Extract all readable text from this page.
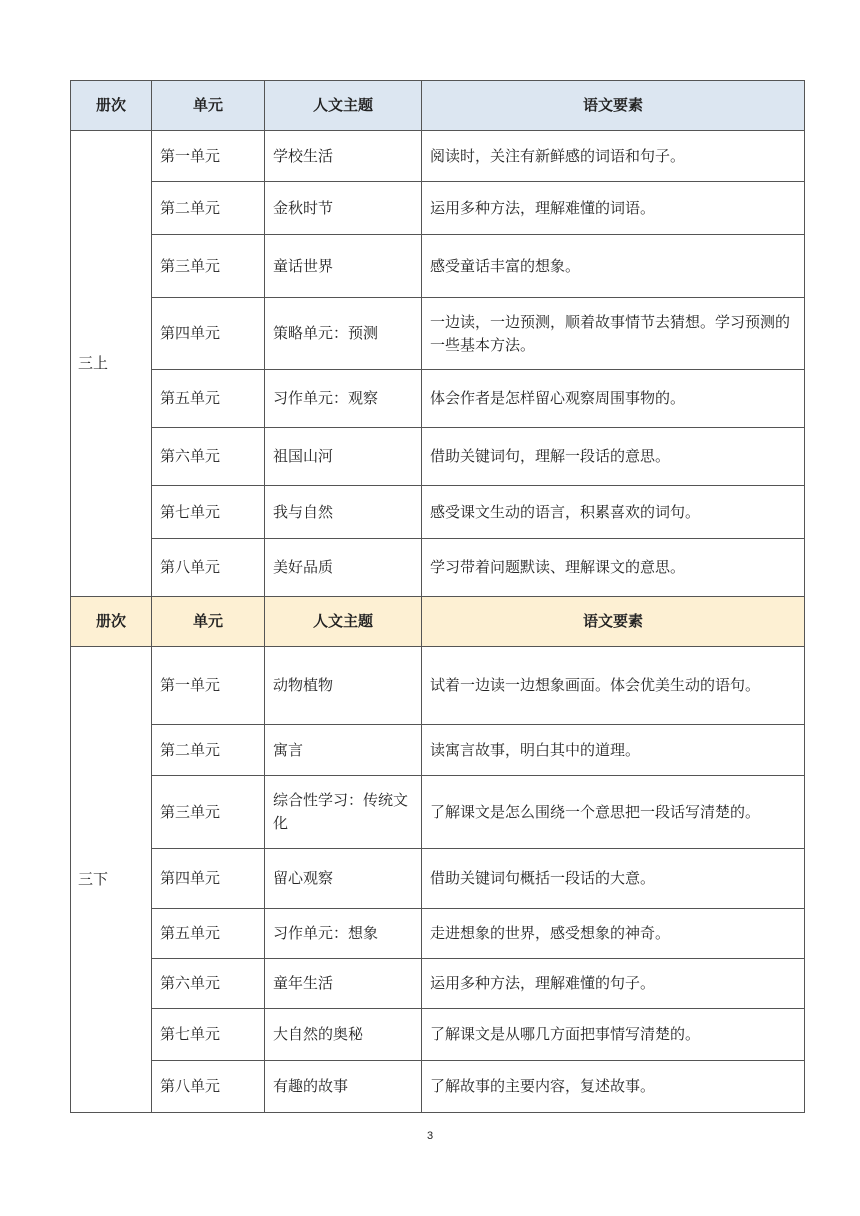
册次	单元	人文主题	语文要素
三上	第一单元	学校生活	阅读时，关注有新鲜感的词语和句子。
	第二单元	金秋时节	运用多种方法，理解难懂的词语。
	第三单元	童话世界	感受童话丰富的想象。
	第四单元	策略单元：预测	一边读，一边预测，顺着故事情节去猜想。学习预测的一些基本方法。
	第五单元	习作单元：观察	体会作者是怎样留心观察周围事物的。
	第六单元	祖国山河	借助关键词句，理解一段话的意思。
	第七单元	我与自然	感受课文生动的语言，积累喜欢的词句。
	第八单元	美好品质	学习带着问题默读、理解课文的意思。
册次	单元	人文主题	语文要素
三下	第一单元	动物植物	试着一边读一边想象画面。体会优美生动的语句。
	第二单元	寓言	读寓言故事，明白其中的道理。
	第三单元	综合性学习：传统文化	了解课文是怎么围绕一个意思把一段话写清楚的。
	第四单元	留心观察	借助关键词句概括一段话的大意。
	第五单元	习作单元：想象	走进想象的世界，感受想象的神奇。
	第六单元	童年生活	运用多种方法，理解难懂的句子。
	第七单元	大自然的奥秘	了解课文是从哪几方面把事情写清楚的。
	第八单元	有趣的故事	了解故事的主要内容，复述故事。
3
